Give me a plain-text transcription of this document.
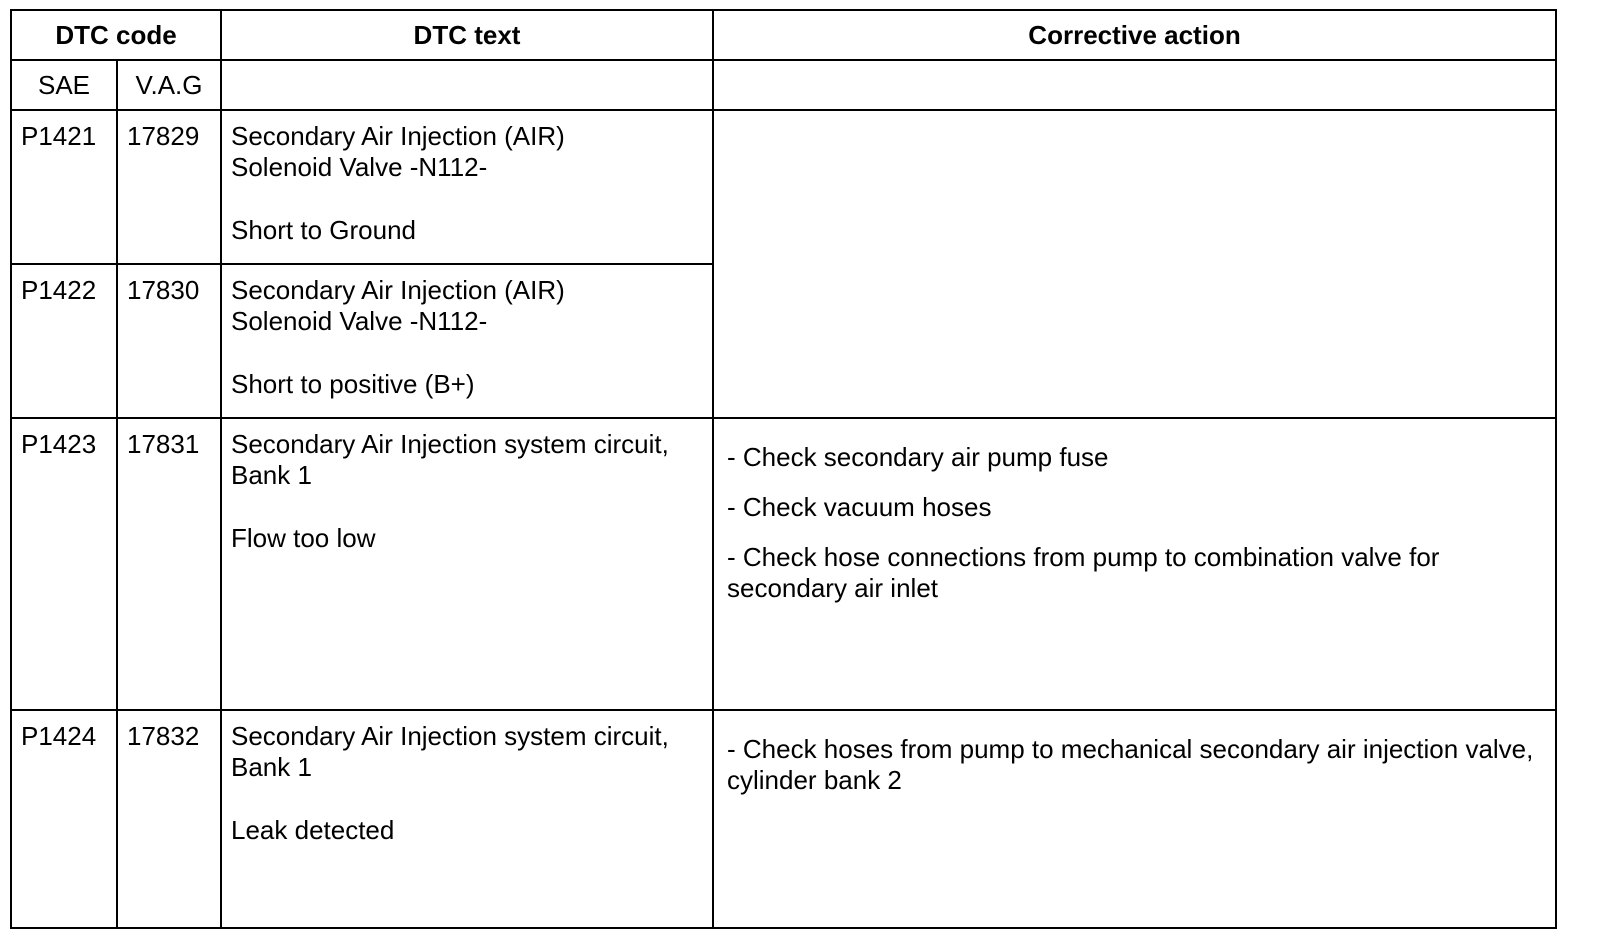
DTC code		DTC text	Corrective action
SAE	V.A.G		
P1421	17829	Secondary Air Injection (AIR)
Solenoid Valve -N112-
Short to Ground	

P1422	17830	Secondary Air Injection (AIR)
Solenoid Valve -N112-
Short to positive (B+)	

P1423	17831	Secondary Air Injection system circuit,
Bank 1
Flow too low	- Check secondary air pump fuse
- Check vacuum hoses
- Check hose connections from pump to combination valve for secondary air inlet

P1424	17832	Secondary Air Injection system circuit,
Bank 1
Leak detected	- Check hoses from pump to mechanical secondary air injection valve, cylinder bank 2
